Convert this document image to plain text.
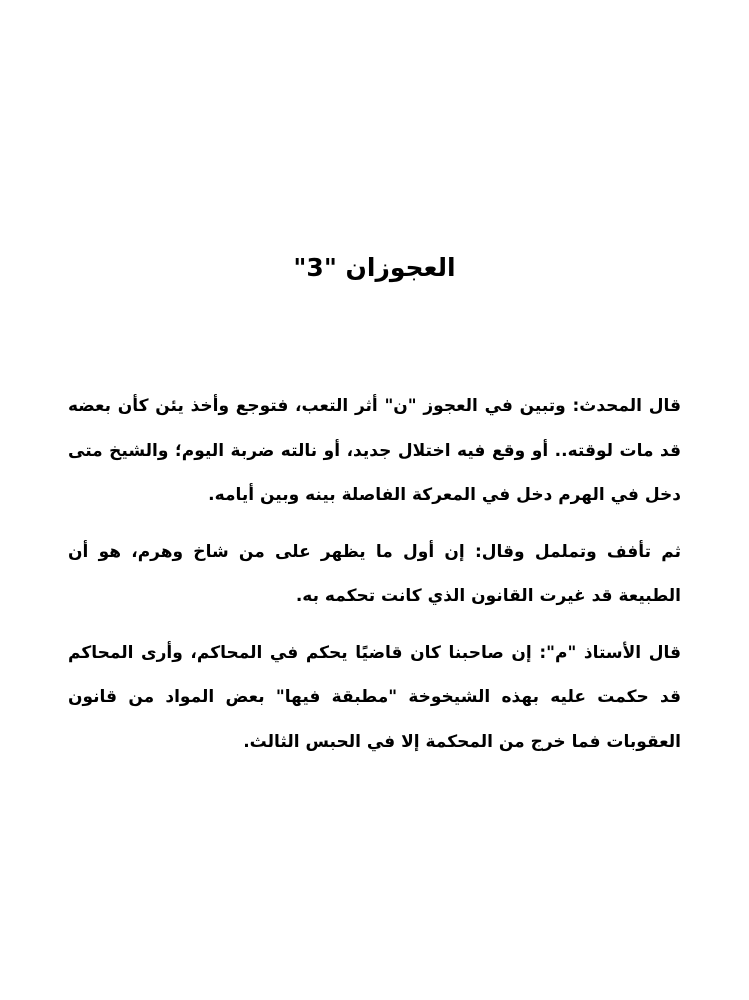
العجوزان "3"

قال المحدث: وتبين في العجوز "ن" أثر التعب، فتوجع وأخذ يئن كأن بعضه قد مات لوقته.. أو وقع فيه اختلال جديد، أو نالته ضربة اليوم؛ والشيخ متى دخل في الهرم دخل في المعركة الفاصلة بينه وبين أيامه.

ثم تأفف وتململ وقال: إن أول ما يظهر على من شاخ وهرم، هو أن الطبيعة قد غيرت القانون الذي كانت تحكمه به.

قال الأستاذ "م": إن صاحبنا كان قاضيًا يحكم في المحاكم، وأرى المحاكم قد حكمت عليه بهذه الشيخوخة "مطبقة فيها" بعض المواد من قانون العقوبات فما خرج من المحكمة إلا في الحبس الثالث.
